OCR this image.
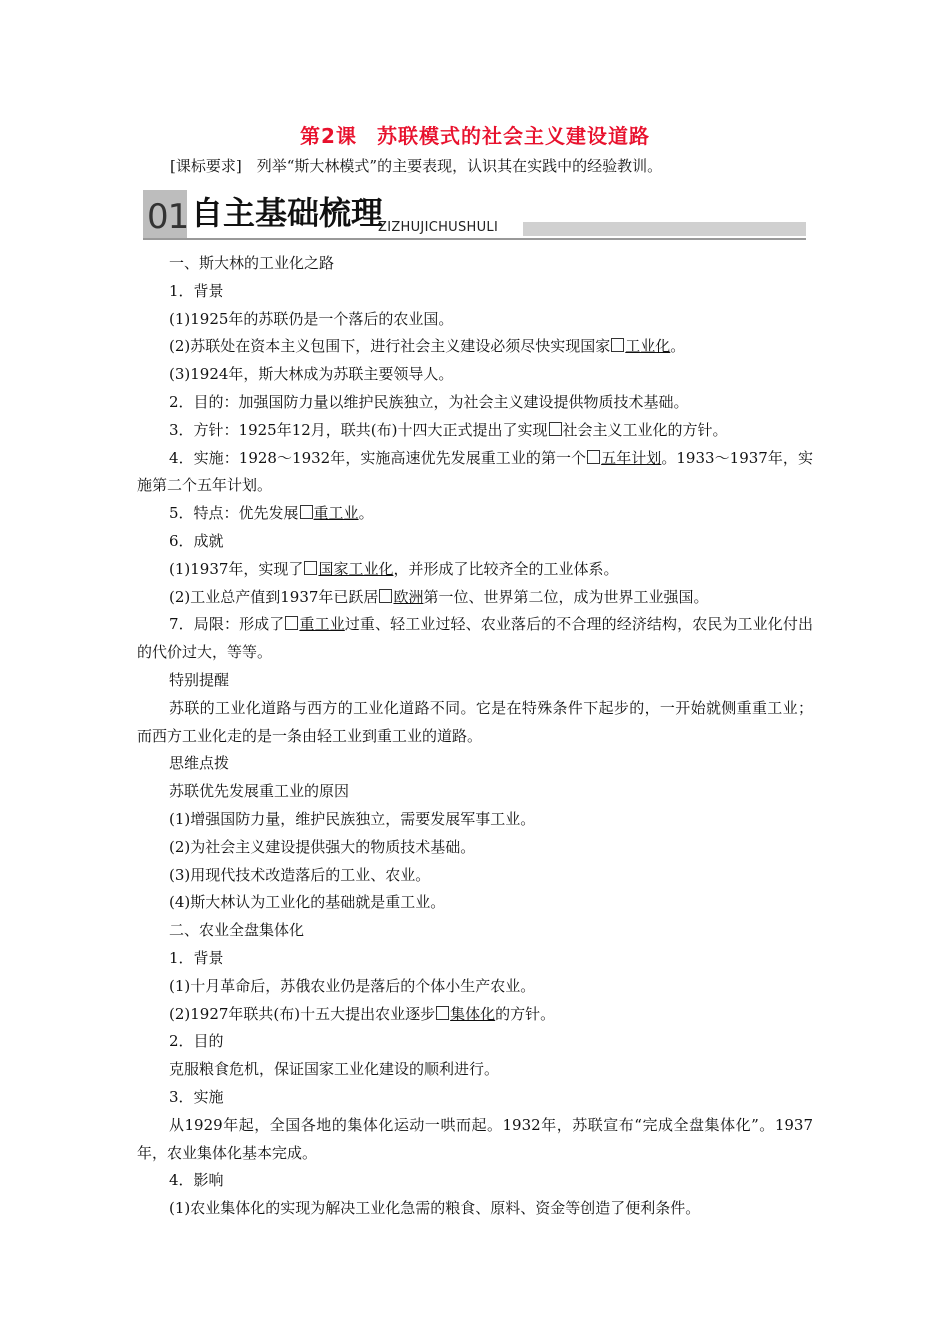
第2课 苏联模式的社会主义建设道路
[课标要求]　 列举“斯大林模式”的主要表现，认识其在实践中的经验教训。
01 自主基础梳理
ZIZHUJICHUSHULI

一、斯大林的工业化之路

1．背景

(1)1925年的苏联仍是一个落后的农业国。

(2)苏联处在资本主义包围下，进行社会主义建设必须尽快实现国家 工业化。

(3)1924年，斯大林成为苏联主要领导人。

2．目的：加强国防力量以维护民族独立，为社会主义建设提供物质技术基础。

3．方针：1925年12月，联共(布)十四大正式提出了实现 社会主义工业化的方针。

4．实施：1928～1932年，实施高速优先发展重工业的第一个 五年计划。1933～1937年，实施第二个五年计划。

5．特点：优先发展 重工业。

6．成就

(1)1937年，实现了 国家工业化，并形成了比较齐全的工业体系。

(2)工业总产值到1937年已跃居 欧洲第一位、世界第二位，成为世界工业强国。

7．局限：形成了 重工业过重、轻工业过轻、农业落后的不合理的经济结构，农民为工业化付出的代价过大，等等。

特别提醒

苏联的工业化道路与西方的工业化道路不同。它是在特殊条件下起步的，一开始就侧重重工业；而西方工业化走的是一条由轻工业到重工业的道路。

思维点拨

苏联优先发展重工业的原因

(1)增强国防力量，维护民族独立，需要发展军事工业。

(2)为社会主义建设提供强大的物质技术基础。

(3)用现代技术改造落后的工业、农业。

(4)斯大林认为工业化的基础就是重工业。

二、农业全盘集体化

1．背景

(1)十月革命后，苏俄农业仍是落后的个体小生产农业。

(2)1927年联共(布)十五大提出农业逐步 集体化的方针。

2．目的

克服粮食危机，保证国家工业化建设的顺利进行。

3．实施

从1929年起，全国各地的集体化运动一哄而起。1932年，苏联宣布“完成全盘集体化”。1937年，农业集体化基本完成。

4．影响

(1)农业集体化的实现为解决工业化急需的粮食、原料、资金等创造了便利条件。
